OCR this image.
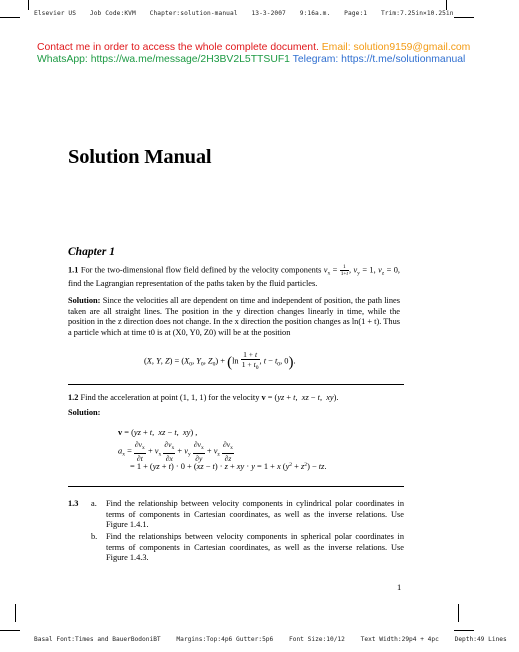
Elsevier US Job Code:KVM Chapter:solution-manual 13-3-2007 9:16a.m. Page:1 Trim:7.25in×10.25in
Contact me in order to access the whole complete document. Email: solution9159@gmail.com
WhatsApp: https://wa.me/message/2H3BV2L5TTSUF1 Telegram: https://t.me/solutionmanual
Solution Manual
Chapter 1
1.1 For the two-dimensional flow field defined by the velocity components $v_x = \frac{1}{1+t}$ , $v_y = 1$, $v_z = 0$, find the Lagrangian representation of the paths taken by the fluid particles.
Solution: Since the velocities all are dependent on time and independent of position, the path lines taken are all straight lines. The position in the y direction changes linearly in time, while the position in the z direction does not change. In the x direction the position changes as ln(1 + t). Thus a particle which at time t0 is at (X0, Y0, Z0) will be at the position
(X, Y, $Z) = (X_0$, $Y_0$, $Z_0) + (\ln \frac{1 + t}{1 + t_0}$ , $t - t_0$, 0).
1.2 Find the acceleration at point (1, 1, 1) for the velocity v = (yz + t,  xz − t,  xy).
Solution:
v = (yz + t,  xz − t,  xy) ,
$a_x = \frac{\partial v_x}{\partial t} + v_x \frac{\partial v_x}{\partial x} + v_y \frac{\partial v_x}{\partial y} + v_z \frac{\partial v_x}{\partial z}$
= 1 + (yz + t) · 0 + (xz − t) · z + xy · y = 1 + x $(y^2 + z^2)$ − tz.
1.3	a.	Find the relationship between velocity components in cylindrical polar coordinates in terms of components in Cartesian coordinates, as well as the inverse relations. Use Figure 1.4.1.
b.	Find the relationships between velocity components in spherical polar coordinates in terms of components in Cartesian coordinates, as well as the inverse relations. Use Figure 1.4.3.
1
Basal Font:Times and BauerBodoniBT	Margins:Top:4p6 Gutter:5p6	Font Size:10/12	Text Width:29p4 + 4pc	Depth:49 Lines
